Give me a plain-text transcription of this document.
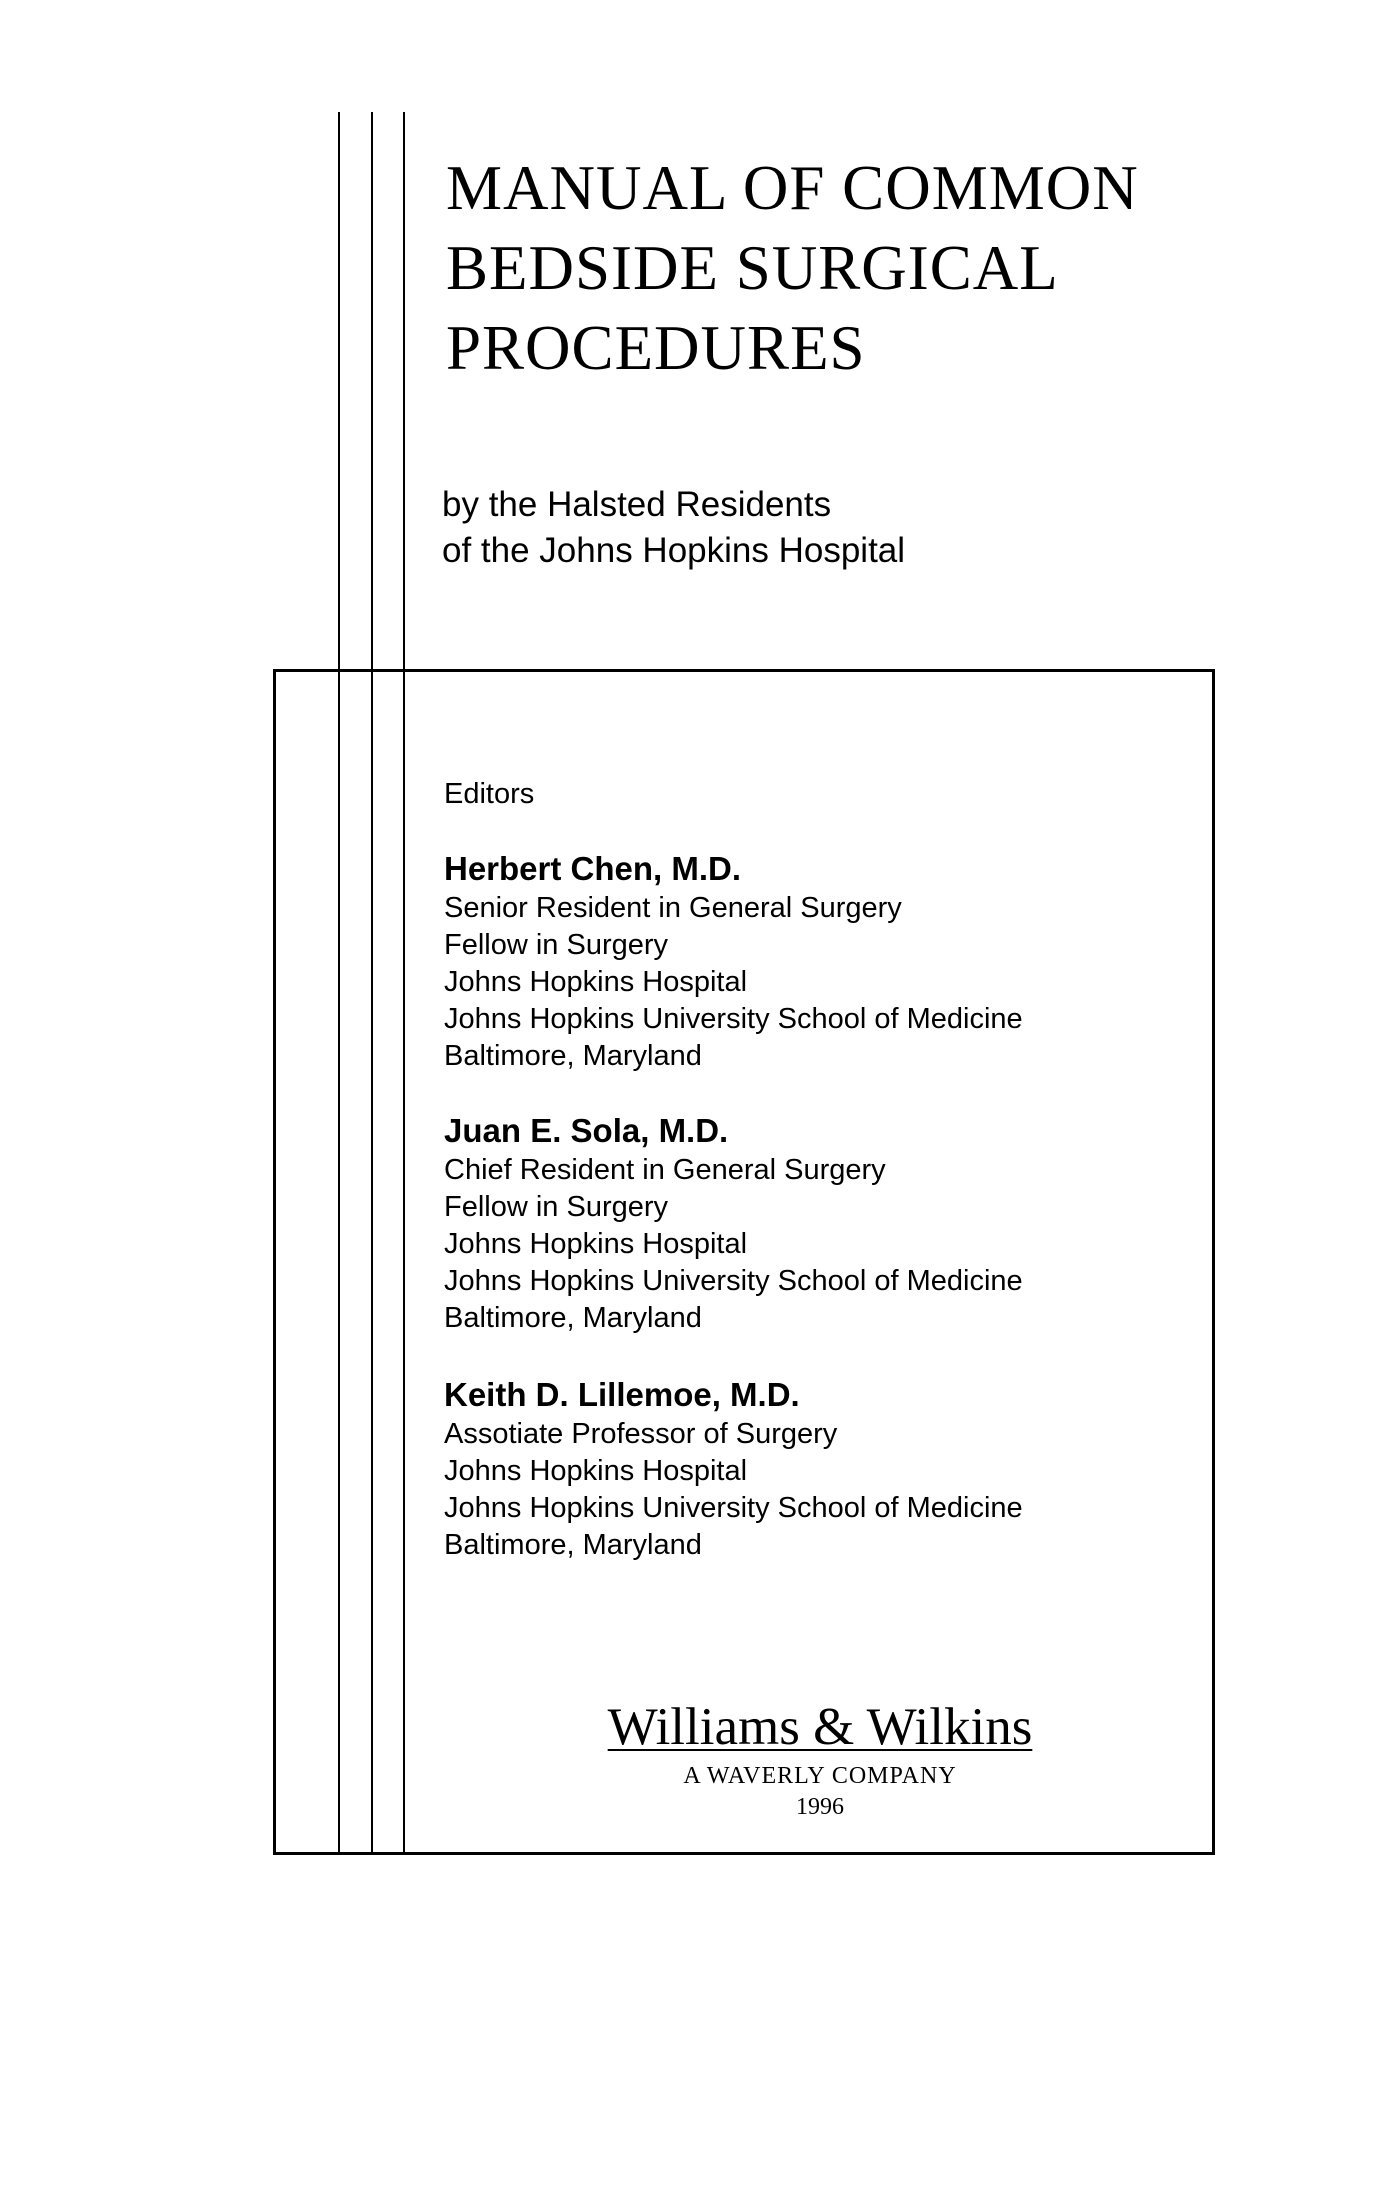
MANUAL OF COMMON
BEDSIDE SURGICAL
PROCEDURES
by the Halsted Residents
of the Johns Hopkins Hospital
Editors
Herbert Chen, M.D.
Senior Resident in General Surgery
Fellow in Surgery
Johns Hopkins Hospital
Johns Hopkins University School of Medicine
Baltimore, Maryland
Juan E. Sola, M.D.
Chief Resident in General Surgery
Fellow in Surgery
Johns Hopkins Hospital
Johns Hopkins University School of Medicine
Baltimore, Maryland
Keith D. Lillemoe, M.D.
Assotiate Professor of Surgery
Johns Hopkins Hospital
Johns Hopkins University School of Medicine
Baltimore, Maryland
Williams & Wilkins
A WAVERLY COMPANY
1996
